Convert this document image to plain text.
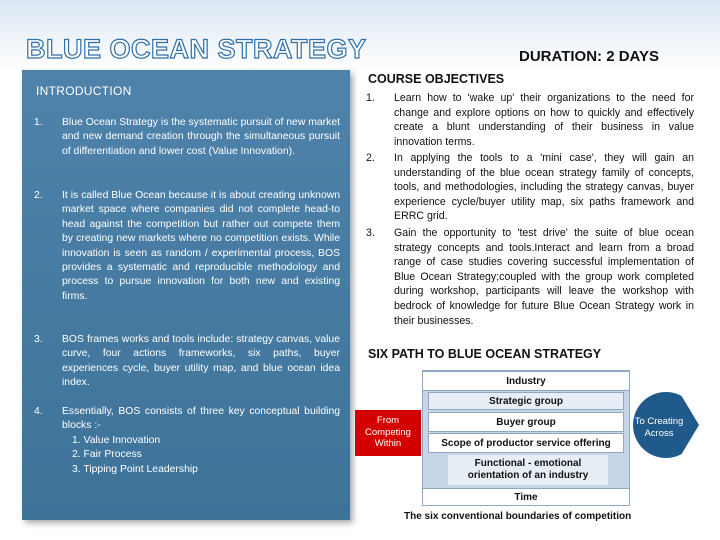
BLUE OCEAN STRATEGY	DURATION: 2 DAYS
INTRODUCTION
1. Blue Ocean Strategy is the systematic pursuit of new market and new demand creation through the simultaneous pursuit of differentiation and lower cost (Value Innovation).
2. It is called Blue Ocean because it is about creating unknown market space where companies did not complete head-to head against the competition but rather out compete them by creating new markets where no competition exists. While innovation is seen as random / experimental process, BOS provides a systematic and reproducible methodology and process to pursue innovation for both new and existing firms.
3. BOS frames works and tools include: strategy canvas, value curve, four actions frameworks, six paths, buyer experiences cycle, buyer utility map, and blue ocean idea index.
4. Essentially, BOS consists of three key conceptual building blocks :-
1. Value Innovation
2. Fair Process
3. Tipping Point Leadership
COURSE OBJECTIVES
1. Learn how to 'wake up' their organizations to the need for change and explore options on how to quickly and effectively create a blunt understanding of their business in value innovation terms.
2. In applying the tools to a 'mini case', they will gain an understanding of the blue ocean strategy family of concepts, tools, and methodologies, including the strategy canvas, buyer experience cycle/buyer utility map, six paths framework and ERRC grid.
3. Gain the opportunity to 'test drive' the suite of blue ocean strategy concepts and tools.Interact and learn from a broad range of case studies covering successful implementation of Blue Ocean Strategy;coupled with the group work completed during workshop, participants will leave the workshop with bedrock of knowledge for future Blue Ocean Strategy work in their businesses.
SIX PATH TO BLUE OCEAN STRATEGY
Industry
Strategic group
Buyer group
Scope of productor service offering
Functional - emotional orientation of an industry
Time
From Competing Within
To Creating Across
The six conventional boundaries of competition
